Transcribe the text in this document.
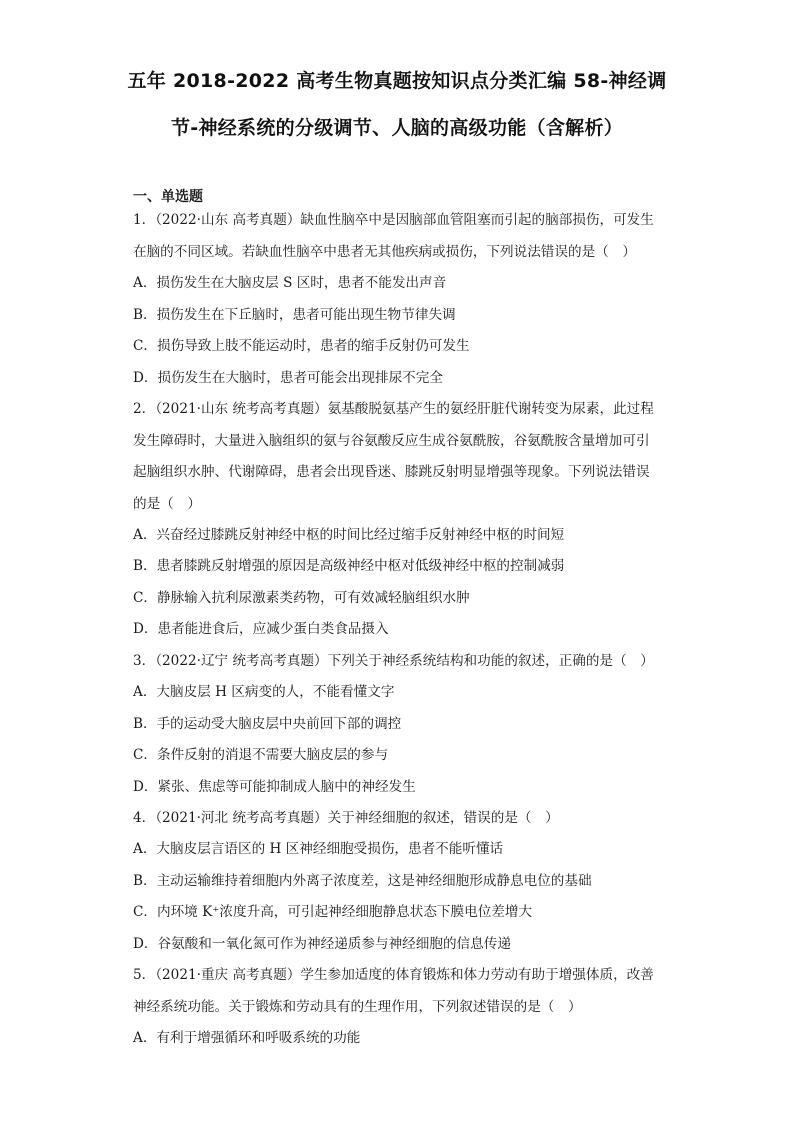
五年 2018-2022 高考生物真题按知识点分类汇编 58-神经调
节-神经系统的分级调节、人脑的高级功能（含解析）
一、单选题
1．（2022·山东 高考真题）缺血性脑卒中是因脑部血管阻塞而引起的脑部损伤，可发生
在脑的不同区域。若缺血性脑卒中患者无其他疾病或损伤，下列说法错误的是（　）
A．损伤发生在大脑皮层 S 区时，患者不能发出声音
B．损伤发生在下丘脑时，患者可能出现生物节律失调
C．损伤导致上肢不能运动时，患者的缩手反射仍可发生
D．损伤发生在大脑时，患者可能会出现排尿不完全
2．（2021·山东 统考高考真题）氨基酸脱氨基产生的氨经肝脏代谢转变为尿素，此过程
发生障碍时，大量进入脑组织的氨与谷氨酸反应生成谷氨酰胺，谷氨酰胺含量增加可引
起脑组织水肿、代谢障碍，患者会出现昏迷、膝跳反射明显增强等现象。下列说法错误
的是（　）
A．兴奋经过膝跳反射神经中枢的时间比经过缩手反射神经中枢的时间短
B．患者膝跳反射增强的原因是高级神经中枢对低级神经中枢的控制减弱
C．静脉输入抗利尿激素类药物，可有效减轻脑组织水肿
D．患者能进食后，应减少蛋白类食品摄入
3．（2022·辽宁 统考高考真题）下列关于神经系统结构和功能的叙述，正确的是（　）
A．大脑皮层 H 区病变的人，不能看懂文字
B．手的运动受大脑皮层中央前回下部的调控
C．条件反射的消退不需要大脑皮层的参与
D．紧张、焦虑等可能抑制成人脑中的神经发生
4．（2021·河北 统考高考真题）关于神经细胞的叙述，错误的是（　）
A．大脑皮层言语区的 H 区神经细胞受损伤，患者不能听懂话
B．主动运输维持着细胞内外离子浓度差，这是神经细胞形成静息电位的基础
C．内环境 K⁺浓度升高，可引起神经细胞静息状态下膜电位差增大
D．谷氨酸和一氧化氮可作为神经递质参与神经细胞的信息传递
5．（2021·重庆 高考真题）学生参加适度的体育锻炼和体力劳动有助于增强体质，改善
神经系统功能。关于锻炼和劳动具有的生理作用，下列叙述错误的是（　）
A．有利于增强循环和呼吸系统的功能
